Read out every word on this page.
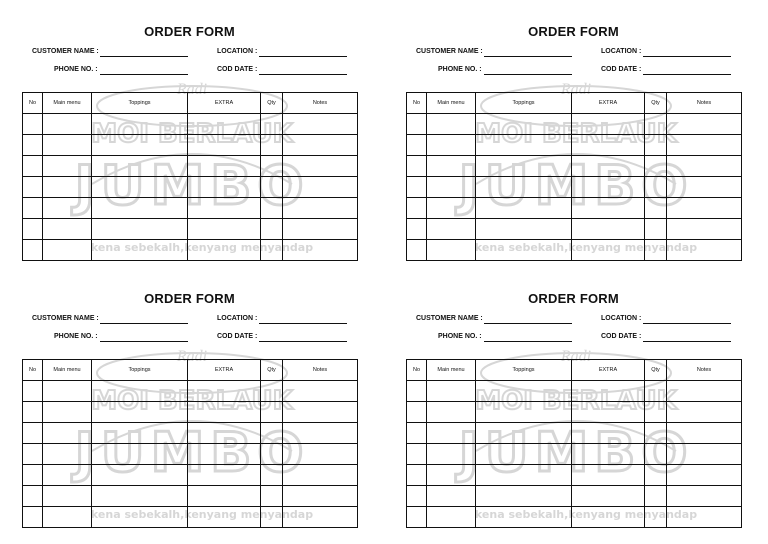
Radi
MOI BERLAUK
JUMBO
kena sebekalh,kenyang menyandap
ORDER FORM
CUSTOMER NAME :	LOCATION :
PHONE NO. :	COD DATE :
No	Main menu	Toppings	EXTRA	Qty	Notes

Radi
MOI BERLAUK
JUMBO
kena sebekalh,kenyang menyandap
ORDER FORM
CUSTOMER NAME :	LOCATION :
PHONE NO. :	COD DATE :
No	Main menu	Toppings	EXTRA	Qty	Notes

Radi
MOI BERLAUK
JUMBO
kena sebekalh,kenyang menyandap
ORDER FORM
CUSTOMER NAME :	LOCATION :
PHONE NO. :	COD DATE :
No	Main menu	Toppings	EXTRA	Qty	Notes

Radi
MOI BERLAUK
JUMBO
kena sebekalh,kenyang menyandap
ORDER FORM
CUSTOMER NAME :	LOCATION :
PHONE NO. :	COD DATE :
No	Main menu	Toppings	EXTRA	Qty	Notes
